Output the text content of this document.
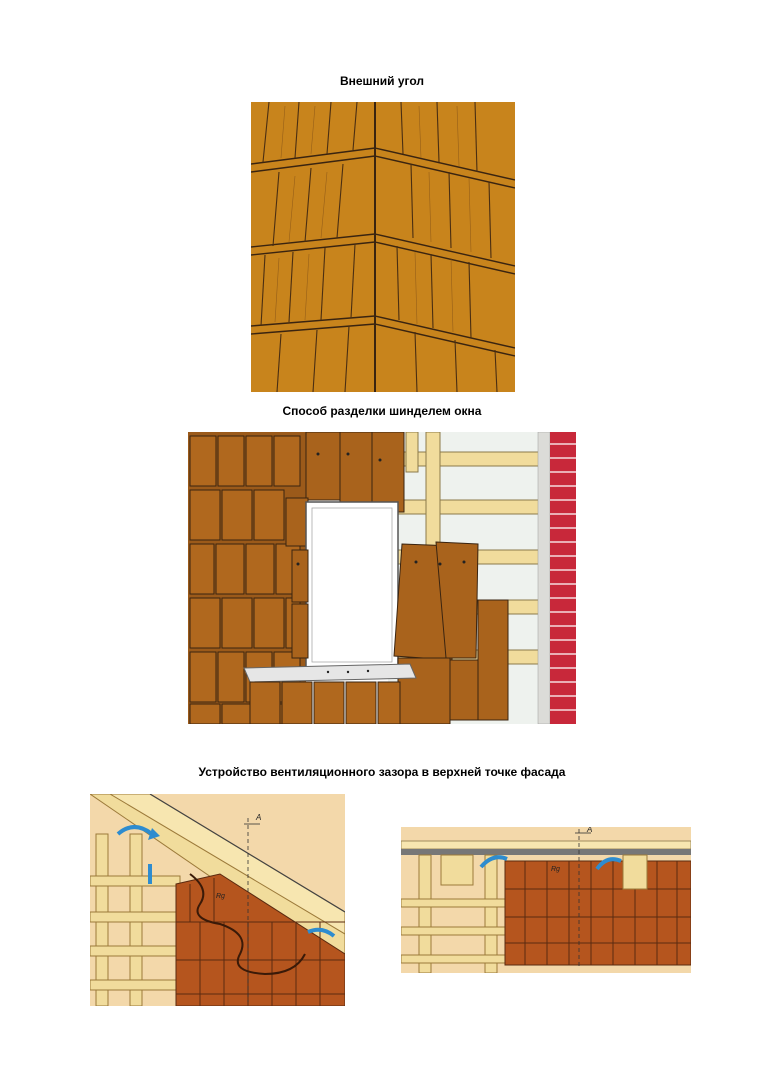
Внешний угол
Способ разделки шинделем окна
Устройство вентиляционного зазора в верхней точке фасада
A
Rg
A
Rg
